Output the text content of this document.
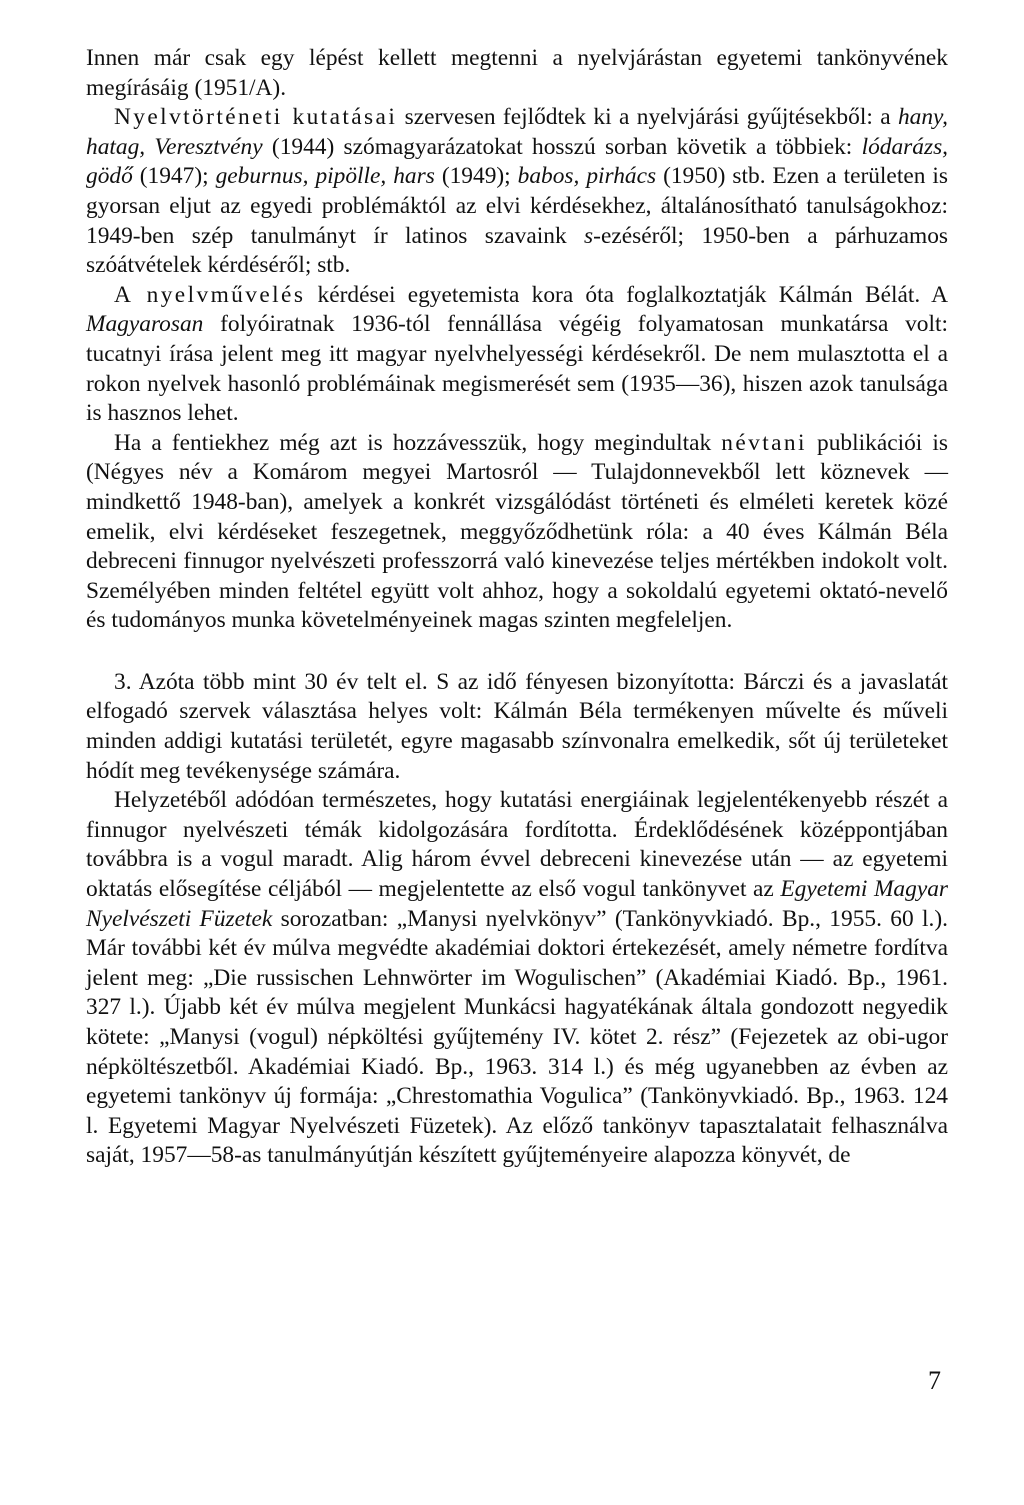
Innen már csak egy lépést kellett megtenni a nyelvjárástan egyetemi tankönyvének megírásáig (1951/A).

Nyelvtörténeti kutatásai szervesen fejlődtek ki a nyelvjárási gyűjtésekből: a hany, hatag, Veresztvény (1944) szómagyarázatokat hosszú sorban követik a többiek: lódarázs, gödő (1947); geburnus, pipölle, hars (1949); babos, pirhács (1950) stb. Ezen a területen is gyorsan eljut az egyedi problémáktól az elvi kérdésekhez, általánosítható tanulságokhoz: 1949-ben szép tanulmányt ír latinos szavaink s-ezéséről; 1950-ben a párhuzamos szóátvételek kérdéséről; stb.

A nyelvművelés kérdései egyetemista kora óta foglalkoztatják Kálmán Bélát. A Magyarosan folyóiratnak 1936-tól fennállása végéig folyamatosan munkatársa volt: tucatnyi írása jelent meg itt magyar nyelvhelyességi kérdésekről. De nem mulasztotta el a rokon nyelvek hasonló problémáinak megismerését sem (1935—36), hiszen azok tanulsága is hasznos lehet.

Ha a fentiekhez még azt is hozzávesszük, hogy megindultak névtani publikációi is (Négyes név a Komárom megyei Martosról — Tulajdonnevekből lett köznevek — mindkettő 1948-ban), amelyek a konkrét vizsgálódást történeti és elméleti keretek közé emelik, elvi kérdéseket feszegetnek, meggyőződhetünk róla: a 40 éves Kálmán Béla debreceni finnugor nyelvészeti professzorrá való kinevezése teljes mértékben indokolt volt. Személyében minden feltétel együtt volt ahhoz, hogy a sokoldalú egyetemi oktató-nevelő és tudományos munka követelményeinek magas szinten megfeleljen.

3. Azóta több mint 30 év telt el. S az idő fényesen bizonyította: Bárczi és a javaslatát elfogadó szervek választása helyes volt: Kálmán Béla termékenyen művelte és műveli minden addigi kutatási területét, egyre magasabb színvonalra emelkedik, sőt új területeket hódít meg tevékenysége számára.

Helyzetéből adódóan természetes, hogy kutatási energiáinak legjelentékenyebb részét a finnugor nyelvészeti témák kidolgozására fordította. Érdeklődésének középpontjában továbbra is a vogul maradt. Alig három évvel debreceni kinevezése után — az egyetemi oktatás elősegítése céljából — megjelentette az első vogul tankönyvet az Egyetemi Magyar Nyelvészeti Füzetek sorozatban: „Manysi nyelvkönyv” (Tankönyvkiadó. Bp., 1955. 60 l.). Már további két év múlva megvédte akadémiai doktori értekezését, amely németre fordítva jelent meg: „Die russischen Lehnwörter im Wogulischen” (Akadémiai Kiadó. Bp., 1961. 327 l.). Újabb két év múlva megjelent Munkácsi hagyatékának általa gondozott negyedik kötete: „Manysi (vogul) népköltési gyűjtemény IV. kötet 2. rész” (Fejezetek az obi-ugor népköltészetből. Akadémiai Kiadó. Bp., 1963. 314 l.) és még ugyanebben az évben az egyetemi tankönyv új formája: „Chrestomathia Vogulica” (Tankönyvkiadó. Bp., 1963. 124 l. Egyetemi Magyar Nyelvészeti Füzetek). Az előző tankönyv tapasztalatait felhasználva saját, 1957—58-as tanulmányútján készített gyűjteményeire alapozza könyvét, de

7
